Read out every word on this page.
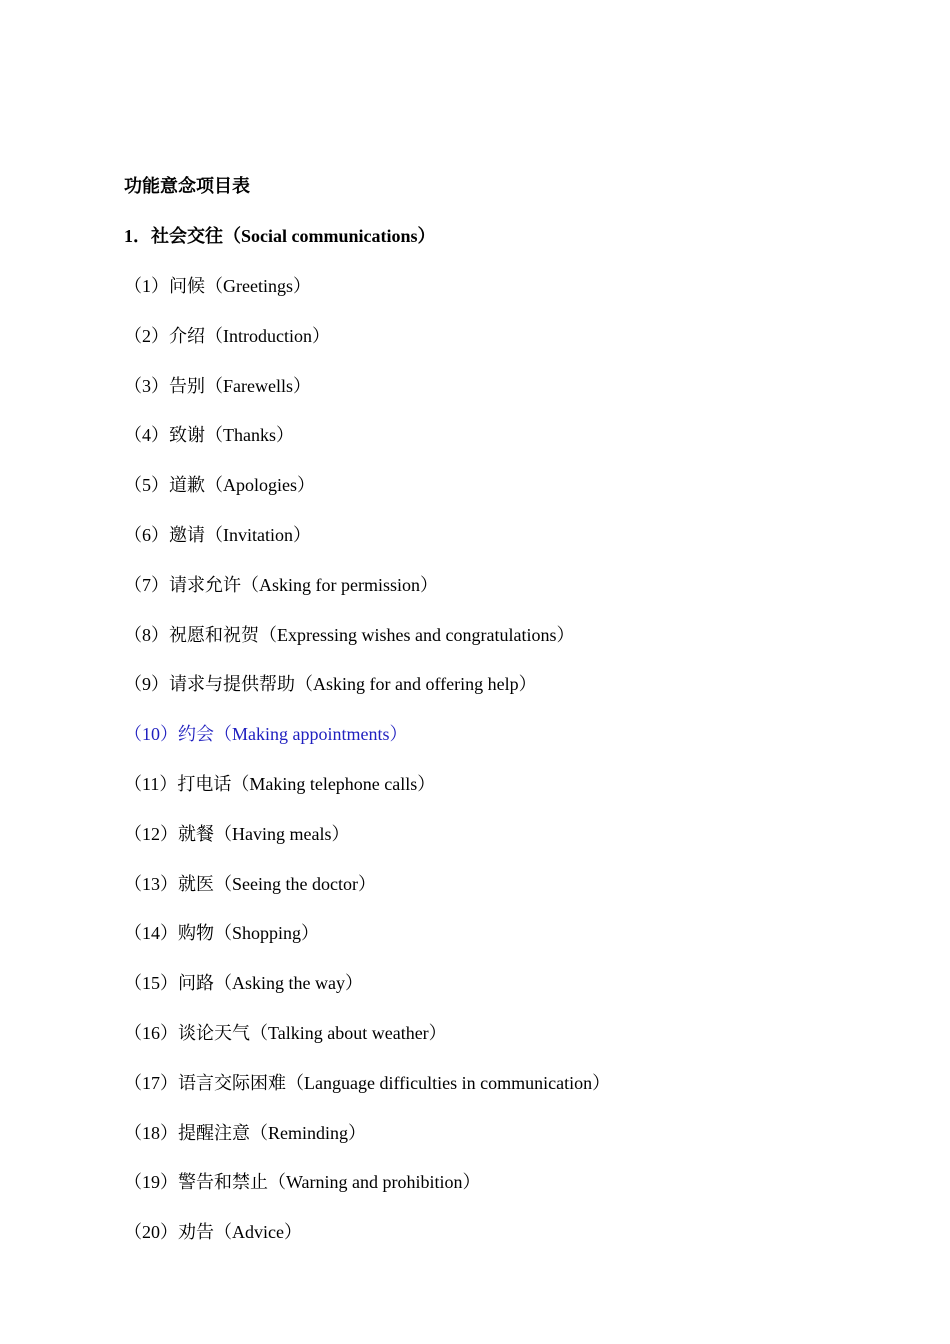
功能意念项目表
1．社会交往（Social communications）
（1）问候（Greetings）
（2）介绍（Introduction）
（3）告别（Farewells）
（4）致谢（Thanks）
（5）道歉（Apologies）
（6）邀请（Invitation）
（7）请求允许（Asking for permission）
（8）祝愿和祝贺（Expressing wishes and congratulations）
（9）请求与提供帮助（Asking for and offering help）
（10）约会（Making appointments）
（11）打电话（Making telephone calls）
（12）就餐（Having meals）
（13）就医（Seeing the doctor）
（14）购物（Shopping）
（15）问路（Asking the way）
（16）谈论天气（Talking about weather）
（17）语言交际困难（Language difficulties in communication）
（18）提醒注意（Reminding）
（19）警告和禁止（Warning and prohibition）
（20）劝告（Advice）
